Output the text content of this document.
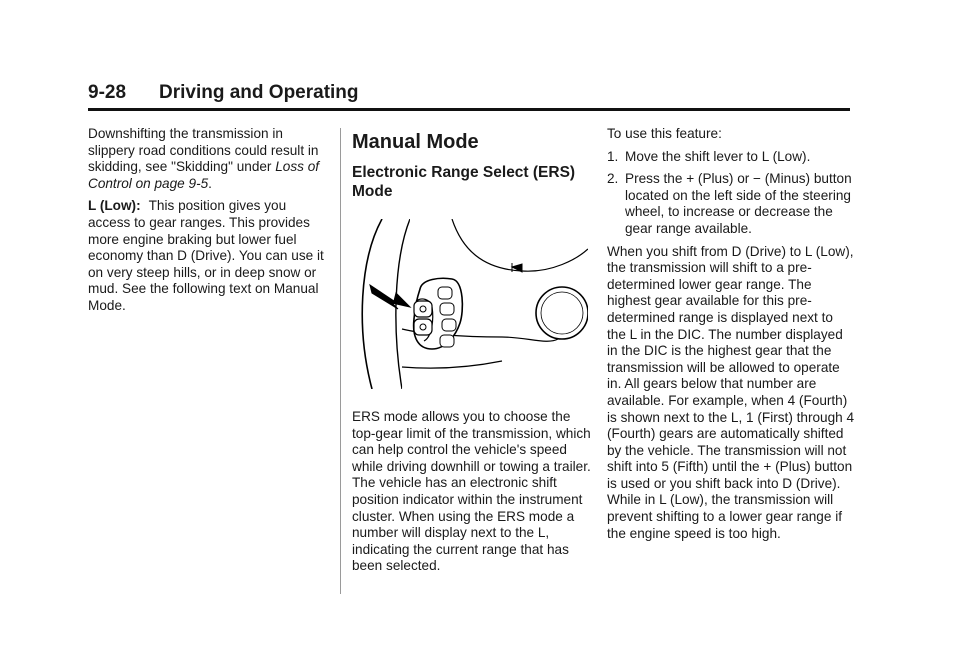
9-28 Driving and Operating

Downshifting the transmission in slippery road conditions could result in skidding, see "Skidding" under Loss of Control on page 9-5.

L (Low): This position gives you access to gear ranges. This provides more engine braking but lower fuel economy than D (Drive). You can use it on very steep hills, or in deep snow or mud. See the following text on Manual Mode.

Manual Mode
Electronic Range Select (ERS) Mode

ERS mode allows you to choose the top-gear limit of the transmission, which can help control the vehicle's speed while driving downhill or towing a trailer. The vehicle has an electronic shift position indicator within the instrument cluster. When using the ERS mode a number will display next to the L, indicating the current range that has been selected.

To use this feature:

1. Move the shift lever to L (Low).
2. Press the + (Plus) or − (Minus) button located on the left side of the steering wheel, to increase or decrease the gear range available.

When you shift from D (Drive) to L (Low), the transmission will shift to a pre-determined lower gear range. The highest gear available for this pre-determined range is displayed next to the L in the DIC. The number displayed in the DIC is the highest gear that the transmission will be allowed to operate in. All gears below that number are available. For example, when 4 (Fourth) is shown next to the L, 1 (First) through 4 (Fourth) gears are automatically shifted by the vehicle. The transmission will not shift into 5 (Fifth) until the + (Plus) button is used or you shift back into D (Drive).

While in L (Low), the transmission will prevent shifting to a lower gear range if the engine speed is too high.
